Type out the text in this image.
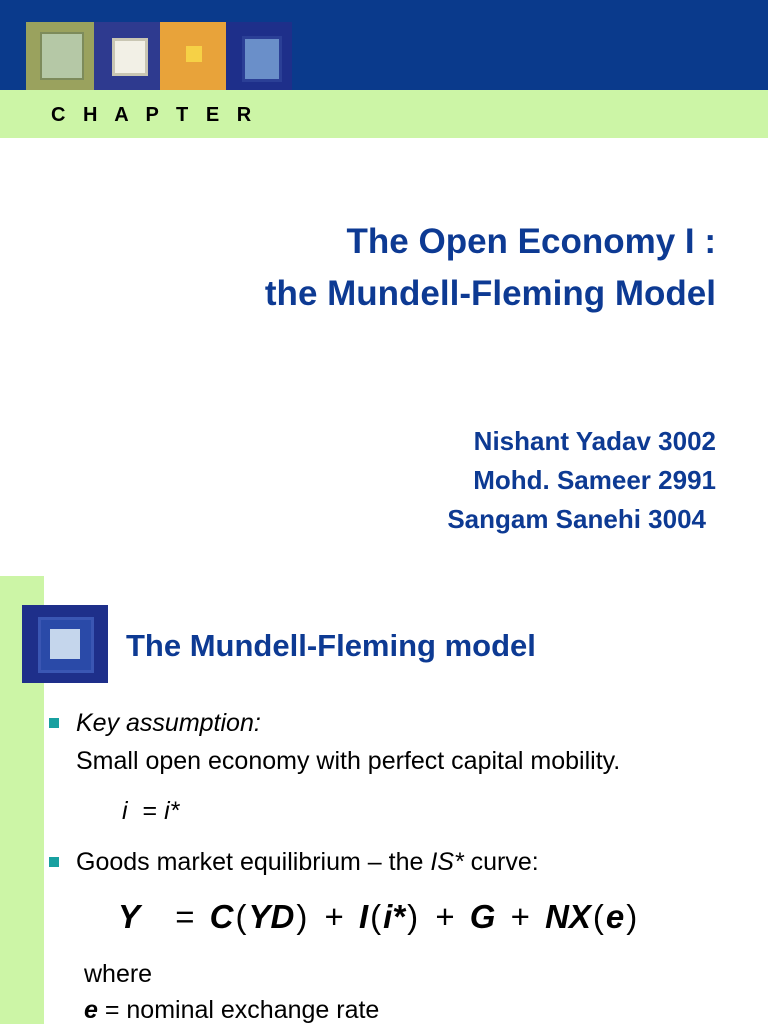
C H A P T E R
The Open Economy I :
the Mundell-Fleming Model
Nishant Yadav 3002
Mohd. Sameer 2991
Sangam Sanehi 3004
The Mundell-Fleming model
Key assumption:
Small open economy with perfect capital mobility.
i = i*
Goods market equilibrium – the IS* curve:
Y = C(YD) + I(i*) + G + NX(e)
where
e = nominal exchange rate
